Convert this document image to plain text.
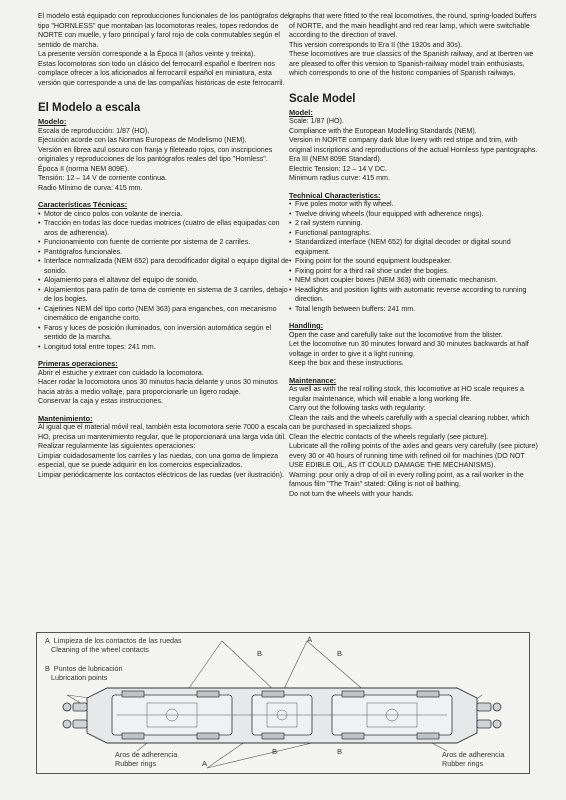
El modelo está equipado con reproducciones funcionales de los pantógrafos del tipo "HORNLESS" que montaban las locomotoras reales, topes redondos de NORTE con muelle, y faro principal y farol rojo de cola conmutables según el sentido de marcha.

La presente versión corresponde a la Época II (años veinte y treinta).

Estas locomotoras son todo un clásico del ferrocarril español e Ibertren nos complace ofrecer a los aficionados al ferrocarril español en miniatura, esta versión que corresponde a una de las compañías históricas de este ferrocarril.

El Modelo a escala
Modelo:

Escala de reproducción: 1/87 (HO).

Ejecución acorde con las Normas Europeas de Modelismo (NEM).

Versión en librea azul oscuro con franja y fileteado rojos, con inscripciones originales y reproducciones de los pantógrafos reales del tipo "Hornless".

Época II (norma NEM 809E).

Tensión: 12 – 14 V de corriente continua.

Radio Mínimo de curva: 415 mm.

Características Técnicas:
• Motor de cinco polos con volante de inercia.
• Tracción en todas las doce ruedas motrices (cuatro de ellas equipadas con aros de adherencia).
• Funcionamiento con fuente de corriente por sistema de 2 carriles.
• Pantógrafos funcionales.
• Interface normalizada (NEM 652) para decodificador digital o equipo digital de sonido.
• Alojamiento para el altavoz del equipo de sonido.
• Alojamientos para patín de toma de corriente en sistema de 3 carriles, debajo de los bogies.
• Cajetines NEM del tipo corto (NEM 363) para enganches, con mecanismo cinemático de enganche corto.
• Faros y luces de posición iluminados, con inversión automática según el sentido de la marcha.
• Longitud total entre topes: 241 mm.
Primeras operaciones:

Abrir el estuche y extraer con cuidado la locomotora.

Hacer rodar la locomotora unos 30 minutos hacia delante y unos 30 minutos hacia atrás a medio voltaje, para proporcionarle un ligero rodaje.

Conservar la caja y estas instrucciones.

Mantenimiento:

Al igual que el material móvil real, también esta locomotora serie 7000 a escala HO, precisa un mantenimiento regular, que le proporcionará una larga vida útil.

Realizar regularmente las siguientes operaciones:

Limpiar cuidadosamente los carriles y las ruedas, con una goma de limpieza especial, que se puede adquirir en los comercios especializados.

Limpiar periódicamente los contactos eléctricos de las ruedas (ver ilustración).

graphs that were fitted to the real locomotives, the round, spring-loaded buffers of NORTE, and the main headlight and red rear lamp, which were switchable according to the direction of travel.

This version corresponds to Era II (the 1920s and 30s).

These locomotives are true classics of the Spanish railway, and at Ibertren we are pleased to offer this version to Spanish-railway model train enthusiasts, which corresponds to one of the historic companies of Spanish railways.

Scale Model
Model:

Scale: 1/87 (HO).

Compliance with the European Modelling Standards (NEM).

Version in NORTE company dark blue livery with red stripe and trim, with original inscriptions and reproductions of the actual Hornless type pantographs.

Era III (NEM 809E Standard).

Electric Tension: 12 – 14 V DC.

Minimum radius curve: 415 mm.

Technical Characteristics:
• Five poles motor with fly wheel.
• Twelve driving wheels (four equipped with adherence rings).
• 2 rail system running.
• Functional pantographs.
• Standardized interface (NEM 652) for digital decoder or digital sound equipment.
• Fixing point for the sound equipment loudspeaker.
• Fixing point for a third rail shoe under the bogies.
• NEM short coupler boxes (NEM 363) with cinematic mechanism.
• Headlights and position lights with automatic reverse according to running direction.
• Total length between buffers: 241 mm.
Handling:

Open the case and carefully take out the locomotive from the blister.

Let the locomotive run 30 minutes forward and 30 minutes backwards at half voltage in order to give it a light running.

Keep the box and these instructions.

Maintenance:

As well as with the real rolling stock, this locomotive at HO scale requires a regular maintenance, which will enable a long working life.

Carry out the following tasks with regularity:

Clean the rails and the wheels carefully with a special cleaning rubber, which can be purchased in specialized shops.

Clean the electric contacts of the wheels regularly (see picture).

Lubricate all the rolling points of the axles and gears very carefully (see picture) every 30 or 40 hours of running time with refined oil for machines (DO NOT USE EDIBLE OIL, AS IT COULD DAMAGE THE MECHANISMS).

Warning: pour only a drop of oil in every rolling point, as a rail worker in the famous film "The Train" stated: Oiling is not oil bathing.

Do not turn the wheels with your hands.

A Limpieza de los contactos de las ruedas
Cleaning of the wheel contacts
B Puntos de lubricación
Lubrication points
A
B	B
A
B	B
Aros de adherencia
Rubber rings
Aros de adherencia
Rubber rings
